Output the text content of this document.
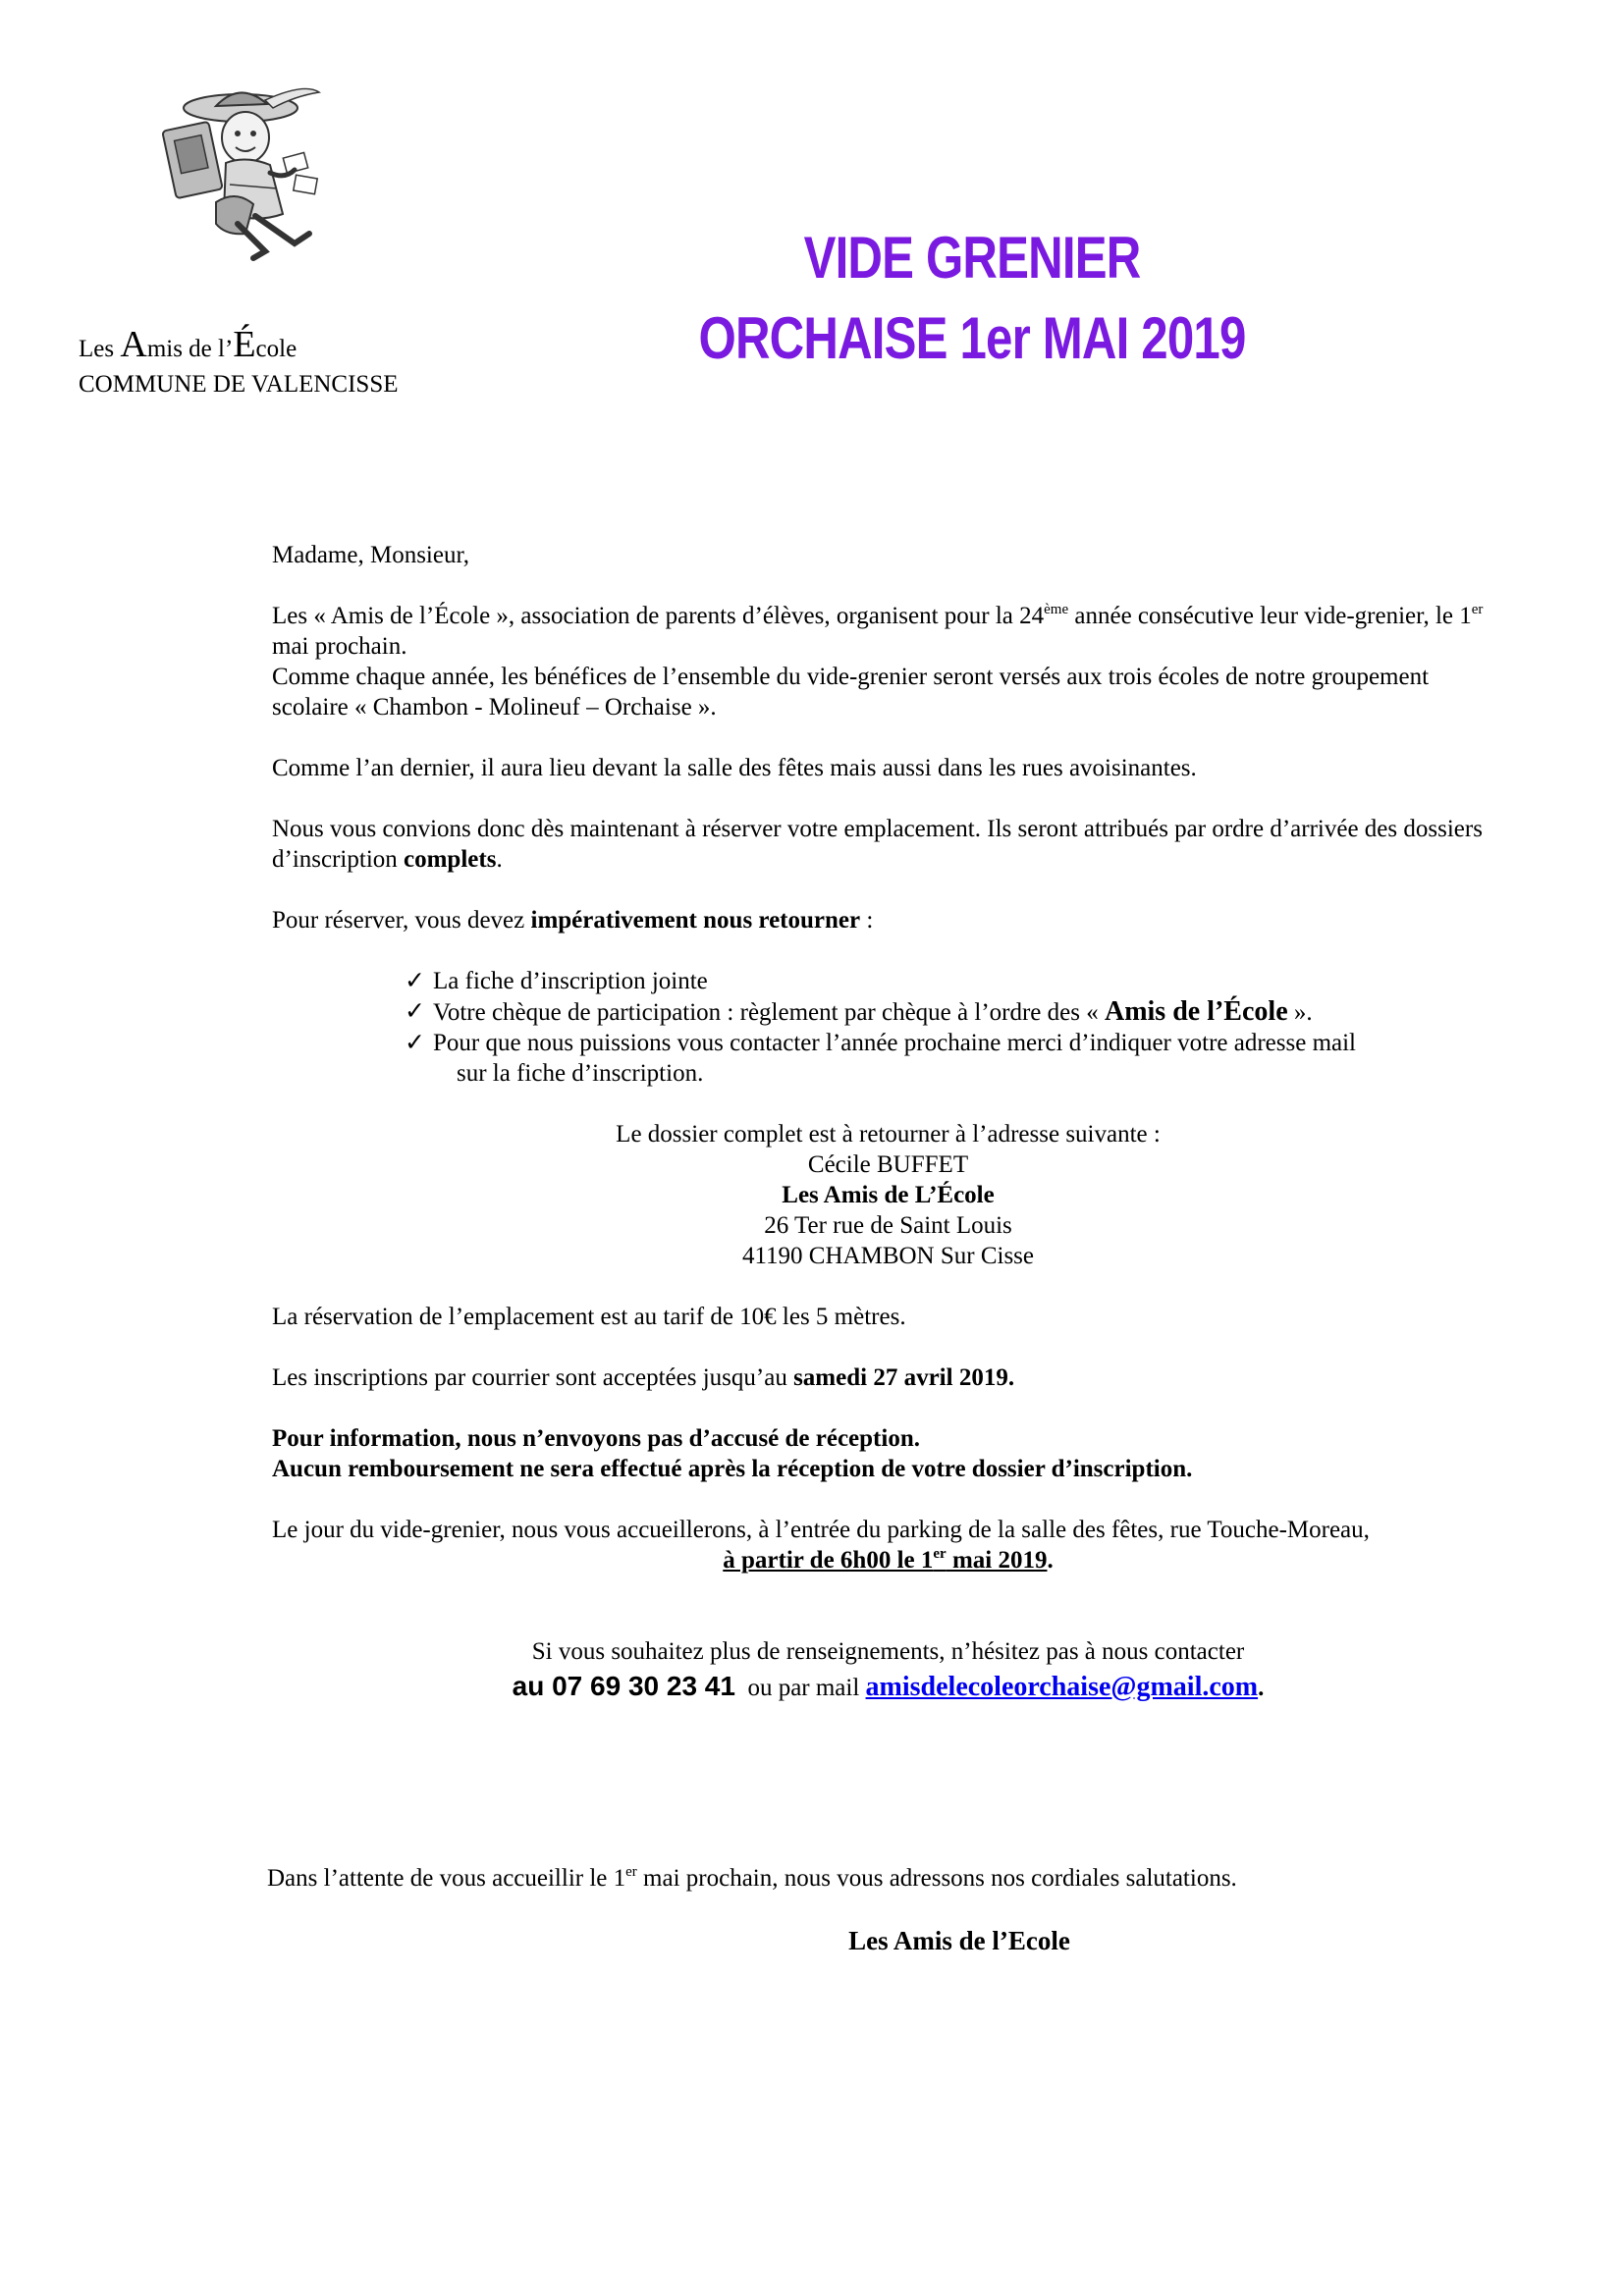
Les Amis de l’École
COMMUNE DE VALENCISSE
VIDE GRENIER
ORCHAISE 1er MAI 2019

Madame, Monsieur,

Les « Amis de l’École », association de parents d’élèves, organisent pour la 24ème année consécutive leur vide-grenier, le 1er mai prochain.

Comme chaque année, les bénéfices de l’ensemble du vide-grenier seront versés aux trois écoles de notre groupement scolaire « Chambon - Molineuf – Orchaise ».

Comme l’an dernier, il aura lieu devant la salle des fêtes mais aussi dans les rues avoisinantes.

Nous vous convions donc dès maintenant à réserver votre emplacement. Ils seront attribués par ordre d’arrivée des dossiers d’inscription complets.

Pour réserver, vous devez impérativement nous retourner :

✓ La fiche d’inscription jointe
✓ Votre chèque de participation : règlement par chèque à l’ordre des « Amis de l’École ».
✓ Pour que nous puissions vous contacter l’année prochaine merci d’indiquer votre adresse mail
sur la fiche d’inscription.
Le dossier complet est à retourner à l’adresse suivante :
Cécile BUFFET
Les Amis de L’École
26 Ter rue de Saint Louis
41190 CHAMBON Sur Cisse

La réservation de l’emplacement est au tarif de 10€ les 5 mètres.

Les inscriptions par courrier sont acceptées jusqu’au samedi 27 avril 2019.

Pour information, nous n’envoyons pas d’accusé de réception.

Aucun remboursement ne sera effectué après la réception de votre dossier d’inscription.

Le jour du vide-grenier, nous vous accueillerons, à l’entrée du parking de la salle des fêtes, rue Touche-Moreau,

à partir de 6h00 le 1er mai 2019.

Si vous souhaitez plus de renseignements, n’hésitez pas à nous contacter
au 07 69 30 23 41  ou par mail amisdelecoleorchaise@gmail.com.

Dans l’attente de vous accueillir le 1er mai prochain, nous vous adressons nos cordiales salutations.

Les Amis de l’Ecole
